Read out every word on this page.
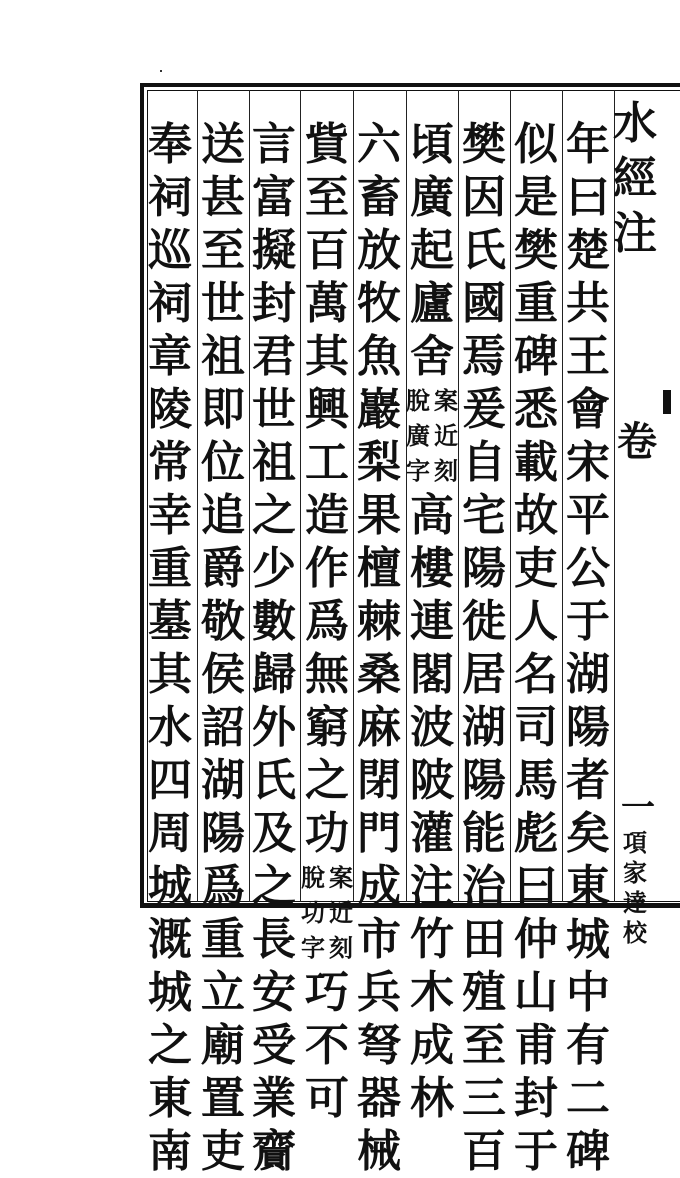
年
曰
楚
共
王
會
宋
平
公
于
湖
陽
者
矣
東
城
中
有
二
碑
似
是
樊
重
碑
悉
載
故
吏
人
名
司
馬
彪
曰
仲
山
甫
封
于
樊
因
氏
國
焉
爰
自
宅
陽
徙
居
湖
陽
能
治
田
殖
至
三
百
頃
廣
起
廬
舍
案
近
刻
脫
廣
字
高
樓
連
閣
波
陂
灌
注
竹
木
成
林
六
畜
放
牧
魚
巖
梨
果
檀
棘
桑
麻
閉
門
成
市
兵
弩
器
械
貲
至
百
萬
其
興
工
造
作
爲
無
窮
之
功
案
近
刻
脫
功
字
巧
不
可
言
富
擬
封
君
世
祖
之
少
數
歸
外
氏
及
之
長
安
受
業
齎
送
甚
至
世
祖
即
位
追
爵
敬
侯
詔
湖
陽
爲
重
立
廟
置
吏
奉
祠
巡
祠
章
陵
常
幸
重
墓
其
水
四
周
城
溉
城
之
東
南
水
經
注
卷
一
項
家
達
校
